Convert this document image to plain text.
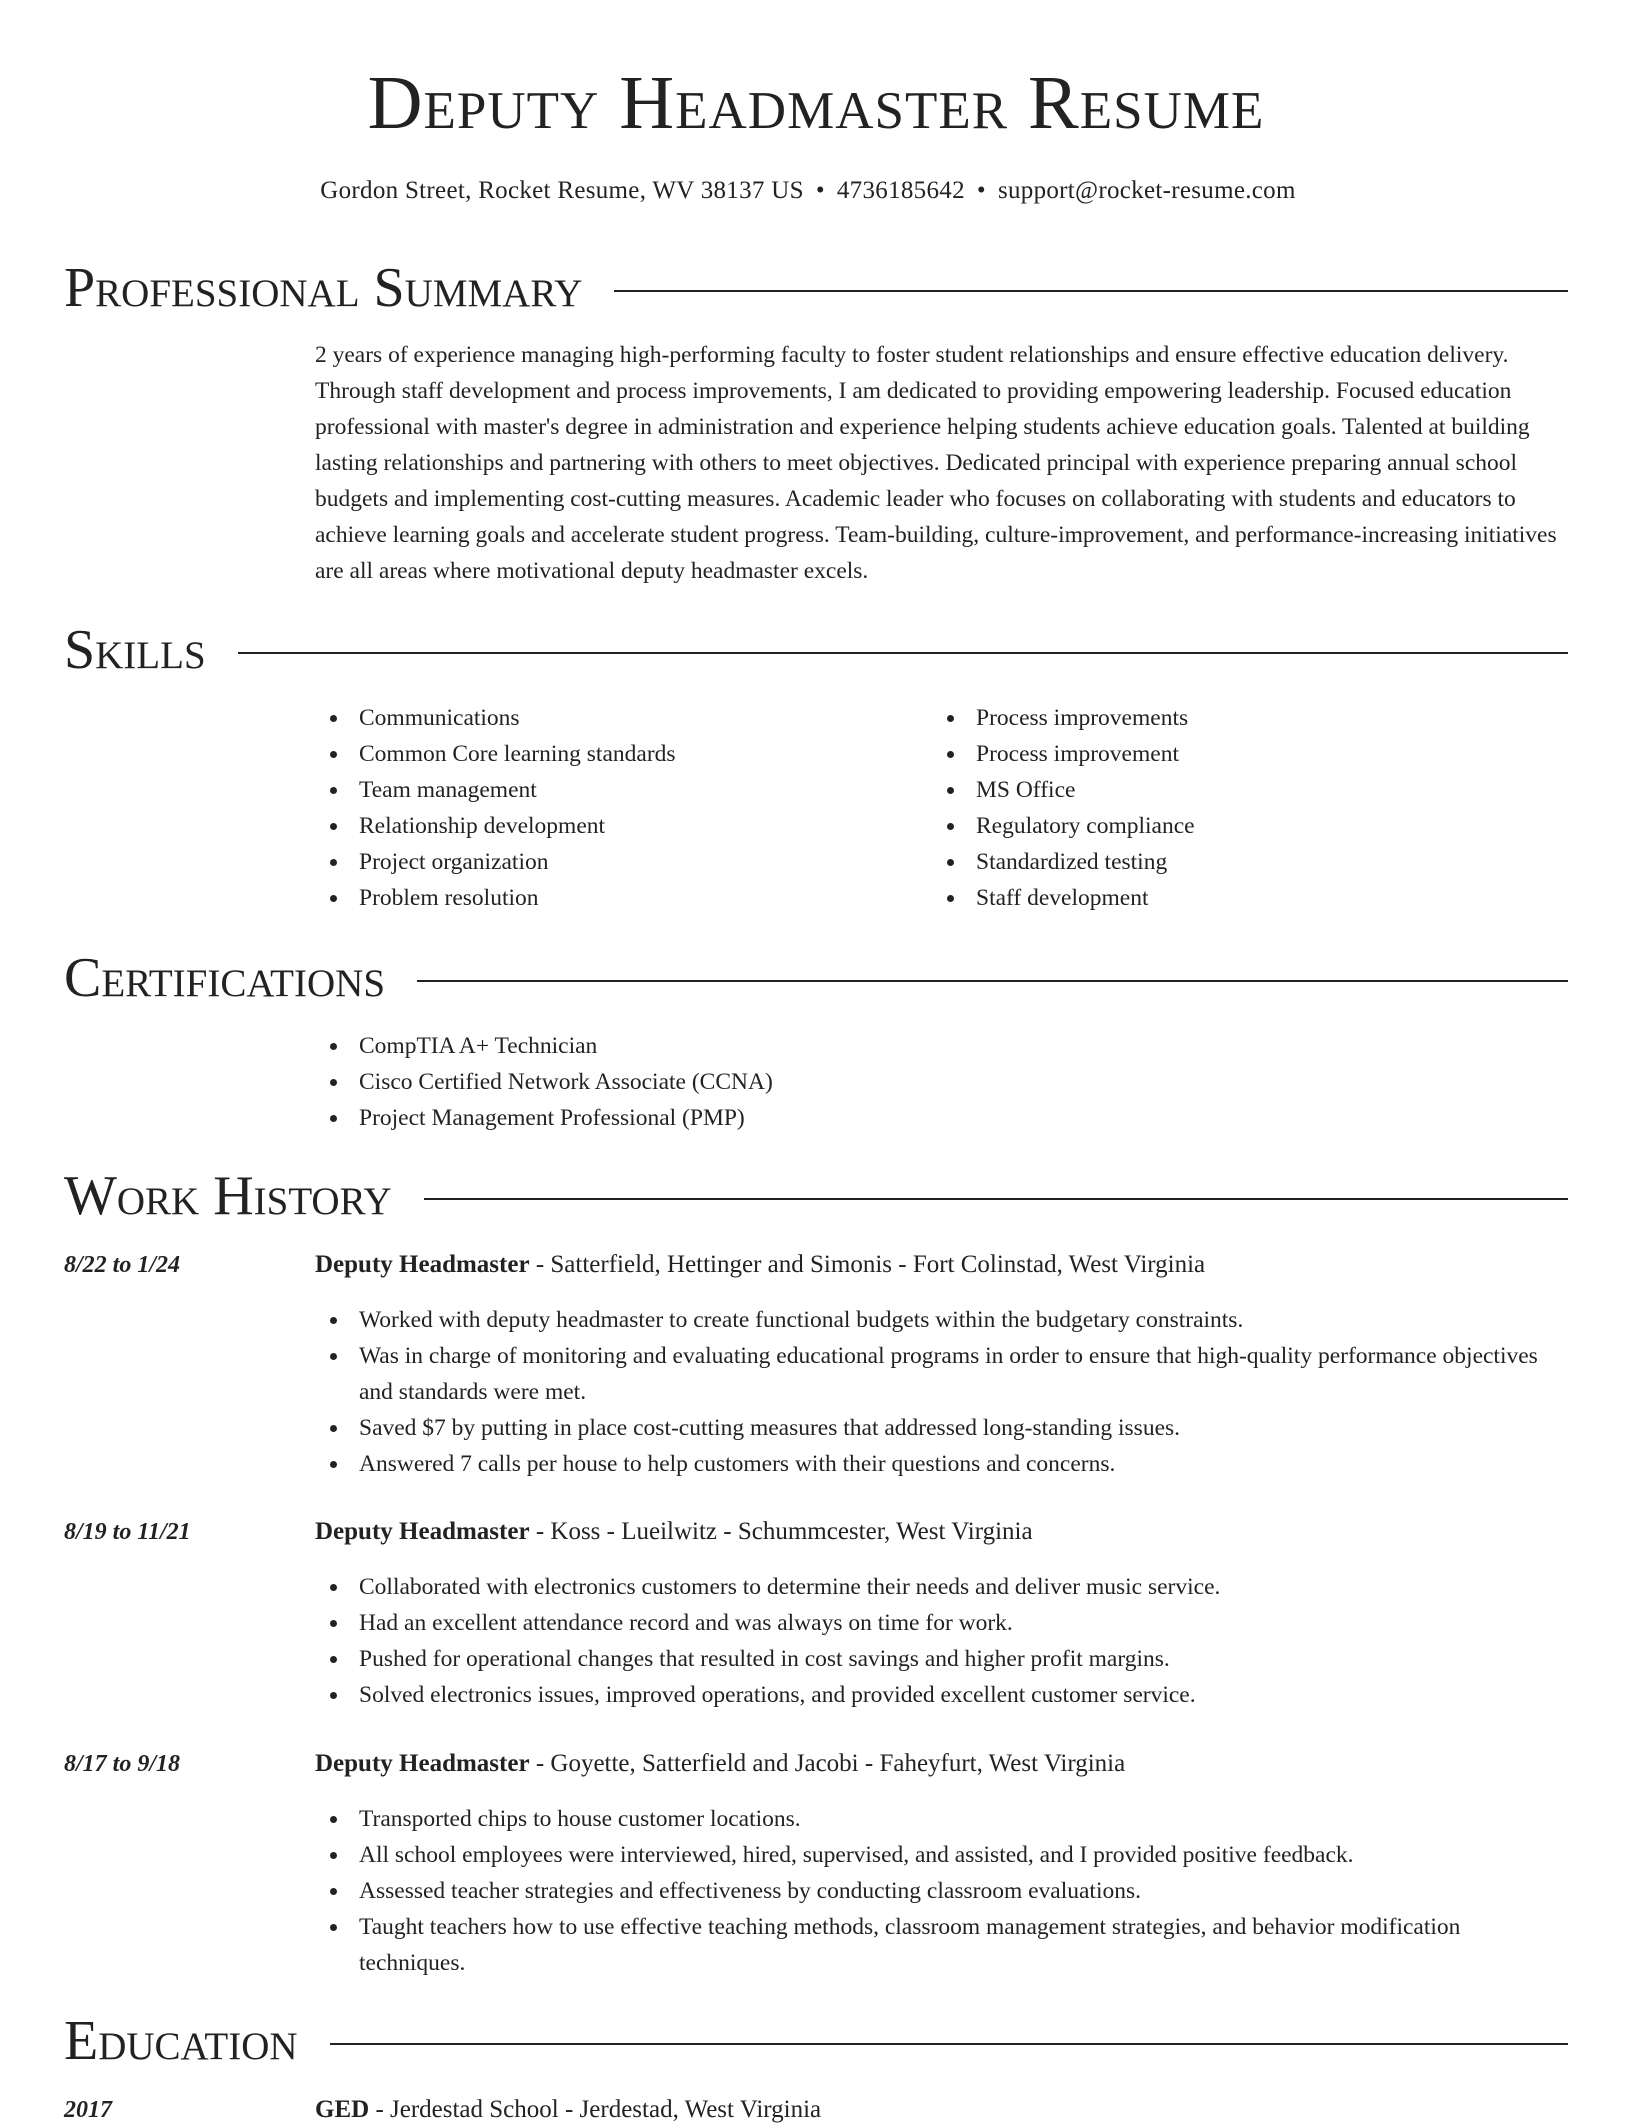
Deputy Headmaster Resume
Gordon Street, Rocket Resume, WV 38137 US • 4736185642 • support@rocket-resume.com
Professional Summary

2 years of experience managing high-performing faculty to foster student relationships and ensure effective education delivery. Through staff development and process improvements, I am dedicated to providing empowering leadership. Focused education professional with master's degree in administration and experience helping students achieve education goals. Talented at building lasting relationships and partnering with others to meet objectives. Dedicated principal with experience preparing annual school budgets and implementing cost-cutting measures. Academic leader who focuses on collaborating with students and educators to achieve learning goals and accelerate student progress. Team-building, culture-improvement, and performance-increasing initiatives are all areas where motivational deputy headmaster excels.

Skills
Communications
Common Core learning standards
Team management
Relationship development
Project organization
Problem resolution
Process improvements
Process improvement
MS Office
Regulatory compliance
Standardized testing
Staff development
Certifications
CompTIA A+ Technician
Cisco Certified Network Associate (CCNA)
Project Management Professional (PMP)
Work History
8/22 to 1/24	Deputy Headmaster - Satterfield, Hettinger and Simonis - Fort Colinstad, West Virginia
Worked with deputy headmaster to create functional budgets within the budgetary constraints.
Was in charge of monitoring and evaluating educational programs in order to ensure that high-quality performance objectives and standards were met.
Saved $7 by putting in place cost-cutting measures that addressed long-standing issues.
Answered 7 calls per house to help customers with their questions and concerns.
8/19 to 11/21	Deputy Headmaster - Koss - Lueilwitz - Schummcester, West Virginia
Collaborated with electronics customers to determine their needs and deliver music service.
Had an excellent attendance record and was always on time for work.
Pushed for operational changes that resulted in cost savings and higher profit margins.
Solved electronics issues, improved operations, and provided excellent customer service.
8/17 to 9/18	Deputy Headmaster - Goyette, Satterfield and Jacobi - Faheyfurt, West Virginia
Transported chips to house customer locations.
All school employees were interviewed, hired, supervised, and assisted, and I provided positive feedback.
Assessed teacher strategies and effectiveness by conducting classroom evaluations.
Taught teachers how to use effective teaching methods, classroom management strategies, and behavior modification techniques.
Education
2017	GED - Jerdestad School - Jerdestad, West Virginia
